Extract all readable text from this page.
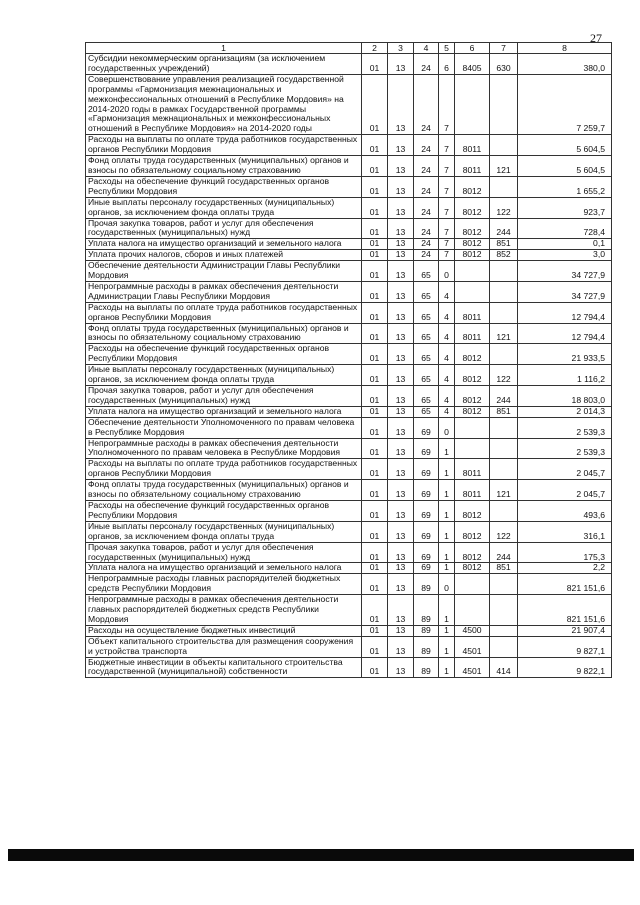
27
1	2	3	4	5	6	7	8
Субсидии некоммерческим организациям (за исключением государственных учреждений)	01	13	24	6	8405	630	380,0
Совершенствование управления реализацией государственной программы «Гармонизация межнациональных и межконфессиональных отношений в Республике Мордовия» на 2014-2020 годы в рамках Государственной программы «Гармонизация межнациональных и межконфессиональных отношений в Республике Мордовия» на 2014-2020 годы	01	13	24	7			7 259,7
Расходы на выплаты по оплате труда работников государственных органов Республики Мордовия	01	13	24	7	8011		5 604,5
Фонд оплаты труда государственных (муниципальных) органов и взносы по обязательному социальному страхованию	01	13	24	7	8011	121	5 604,5
Расходы на обеспечение функций государственных органов Республики Мордовия	01	13	24	7	8012		1 655,2
Иные выплаты персоналу государственных (муниципальных) органов, за исключением фонда оплаты труда	01	13	24	7	8012	122	923,7
Прочая закупка товаров, работ и услуг для обеспечения государственных (муниципальных) нужд	01	13	24	7	8012	244	728,4
Уплата налога на имущество организаций и земельного налога	01	13	24	7	8012	851	0,1
Уплата прочих налогов, сборов и иных платежей	01	13	24	7	8012	852	3,0
Обеспечение деятельности Администрации Главы Республики Мордовия	01	13	65	0			34 727,9
Непрограммные расходы в рамках обеспечения деятельности Администрации Главы Республики Мордовия	01	13	65	4			34 727,9
Расходы на выплаты по оплате труда работников государственных органов Республики Мордовия	01	13	65	4	8011		12 794,4
Фонд оплаты труда государственных (муниципальных) органов и взносы по обязательному социальному страхованию	01	13	65	4	8011	121	12 794,4
Расходы на обеспечение функций государственных органов Республики Мордовия	01	13	65	4	8012		21 933,5
Иные выплаты персоналу государственных (муниципальных) органов, за исключением фонда оплаты труда	01	13	65	4	8012	122	1 116,2
Прочая закупка товаров, работ и услуг для обеспечения государственных (муниципальных) нужд	01	13	65	4	8012	244	18 803,0
Уплата налога на имущество организаций и земельного налога	01	13	65	4	8012	851	2 014,3
Обеспечение деятельности Уполномоченного по правам человека в Республике Мордовия	01	13	69	0			2 539,3
Непрограммные расходы в рамках обеспечения деятельности Уполномоченного по правам человека в Республике Мордовия	01	13	69	1			2 539,3
Расходы на выплаты по оплате труда работников государственных органов Республики Мордовия	01	13	69	1	8011		2 045,7
Фонд оплаты труда государственных (муниципальных) органов и взносы по обязательному социальному страхованию	01	13	69	1	8011	121	2 045,7
Расходы на обеспечение функций государственных органов Республики Мордовия	01	13	69	1	8012		493,6
Иные выплаты персоналу государственных (муниципальных) органов, за исключением фонда оплаты труда	01	13	69	1	8012	122	316,1
Прочая закупка товаров, работ и услуг для обеспечения государственных (муниципальных) нужд	01	13	69	1	8012	244	175,3
Уплата налога на имущество организаций и земельного налога	01	13	69	1	8012	851	2,2
Непрограммные расходы главных распорядителей бюджетных средств Республики Мордовия	01	13	89	0			821 151,6
Непрограммные расходы в рамках обеспечения деятельности главных распорядителей бюджетных средств Республики Мордовия	01	13	89	1			821 151,6
Расходы на осуществление бюджетных инвестиций	01	13	89	1	4500		21 907,4
Объект капитального строительства для размещения сооружения и устройства транспорта	01	13	89	1	4501		9 827,1
Бюджетные инвестиции в объекты капитального строительства государственной (муниципальной) собственности	01	13	89	1	4501	414	9 822,1
